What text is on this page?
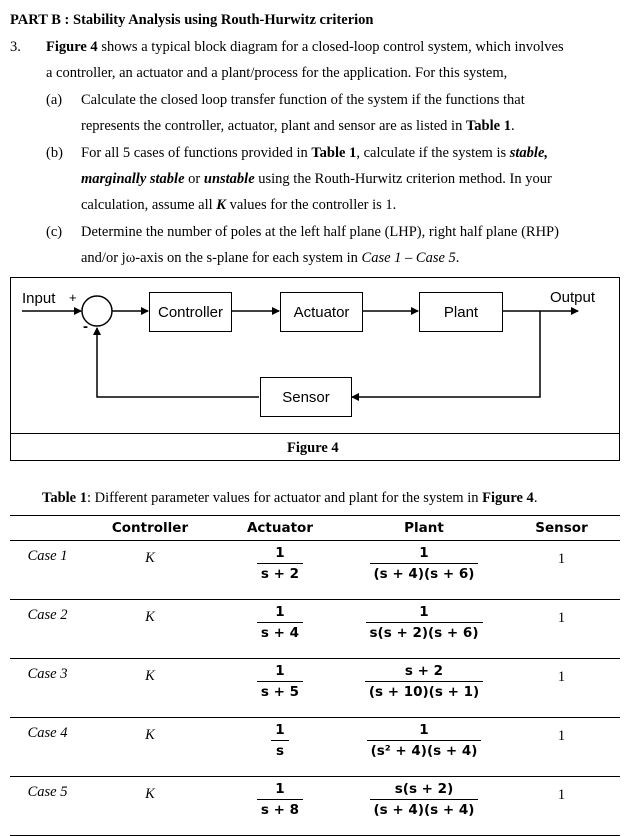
PART B : Stability Analysis using Routh-Hurwitz criterion
3. Figure 4 shows a typical block diagram for a closed-loop control system, which involves
a controller, an actuator and a plant/process for the application. For this system,
(a) Calculate the closed loop transfer function of the system if the functions that
represents the controller, actuator, plant and sensor are as listed in Table 1.
(b) For all 5 cases of functions provided in Table 1, calculate if the system is stable,
marginally stable or unstable using the Routh-Hurwitz criterion method. In your
calculation, assume all K values for the controller is 1.
(c) Determine the number of poles at the left half plane (LHP), right half plane (RHP)
and/or jω-axis on the s-plane for each system in Case 1 – Case 5.
Input +
-
Output
Controller	Actuator	Plant
Sensor
Figure 4
Table 1: Different parameter values for actuator and plant for the system in Figure 4.
	Controller	Actuator	Plant	Sensor
Case 1	K	$\frac{1}{s + 2}$	$\frac{1}{(s + 4)(s + 6)}$	1
Case 2	K	$\frac{1}{s + 4}$	$\frac{1}{s(s + 2)(s + 6)}$	1
Case 3	K	$\frac{1}{s + 5}$	$\frac{s + 2}{(s + 10)(s + 1)}$	1
Case 4	K	$\frac{1}{s}$	$\frac{1}{\text{(s² + 4)(s + 4)}}$	1
Case 5	K	$\frac{1}{s + 8}$	$\frac{s(s + 2)}{(s + 4)(s + 4)}$	1
